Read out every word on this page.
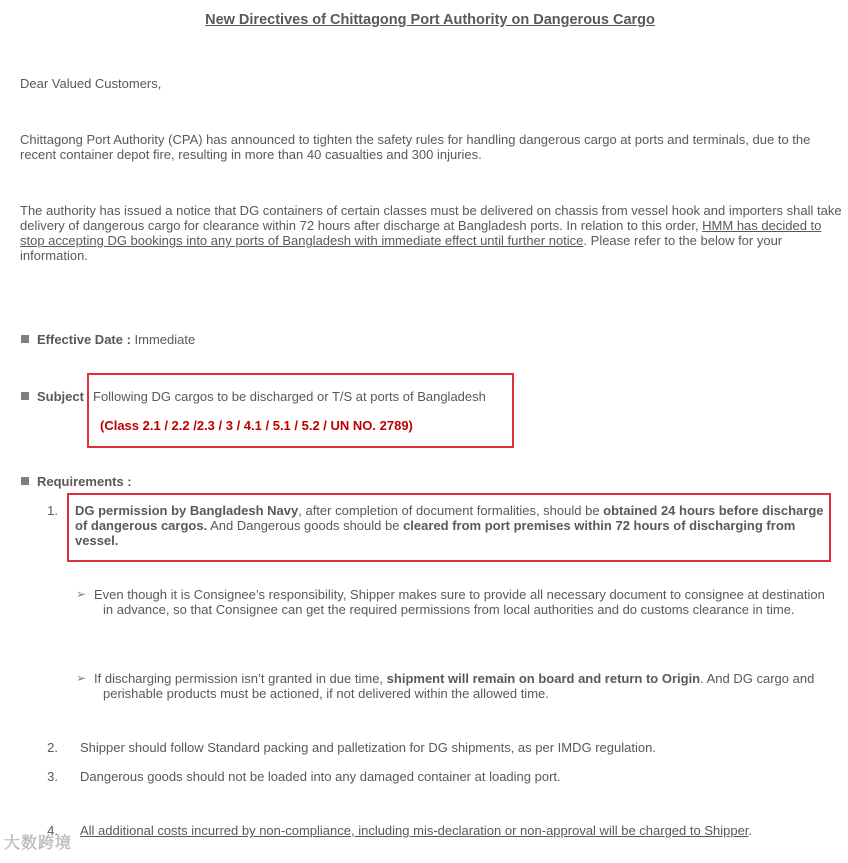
New Directives of Chittagong Port Authority on Dangerous Cargo
Dear Valued Customers,
Chittagong Port Authority (CPA) has announced to tighten the safety rules for handling dangerous cargo at ports and terminals, due to the recent container depot fire, resulting in more than 40 casualties and 300 injuries.
The authority has issued a notice that DG containers of certain classes must be delivered on chassis from vessel hook and importers shall take delivery of dangerous cargo for clearance within 72 hours after discharge at Bangladesh ports. In relation to this order, HMM has decided to stop accepting DG bookings into any ports of Bangladesh with immediate effect until further notice. Please refer to the below for your information.
Effective Date : Immediate
Subject Following DG cargos to be discharged or T/S at ports of Bangladesh
(Class 2.1 / 2.2 /2.3 / 3 / 4.1 / 5.1 / 5.2 / UN NO. 2789)
Requirements :
1. DG permission by Bangladesh Navy, after completion of document formalities, should be obtained 24 hours before discharge of dangerous cargos. And Dangerous goods should be cleared from port premises within 72 hours of discharging from vessel.
➢ Even though it is Consignee’s responsibility, Shipper makes sure to provide all necessary document to consignee at destination in advance, so that Consignee can get the required permissions from local authorities and do customs clearance in time.
➢ If discharging permission isn’t granted in due time, shipment will remain on board and return to Origin. And DG cargo and perishable products must be actioned, if not delivered within the allowed time.
2. Shipper should follow Standard packing and palletization for DG shipments, as per IMDG regulation.
3. Dangerous goods should not be loaded into any damaged container at loading port.
4. All additional costs incurred by non-compliance, including mis-declaration or non-approval will be charged to Shipper.
大数跨境
